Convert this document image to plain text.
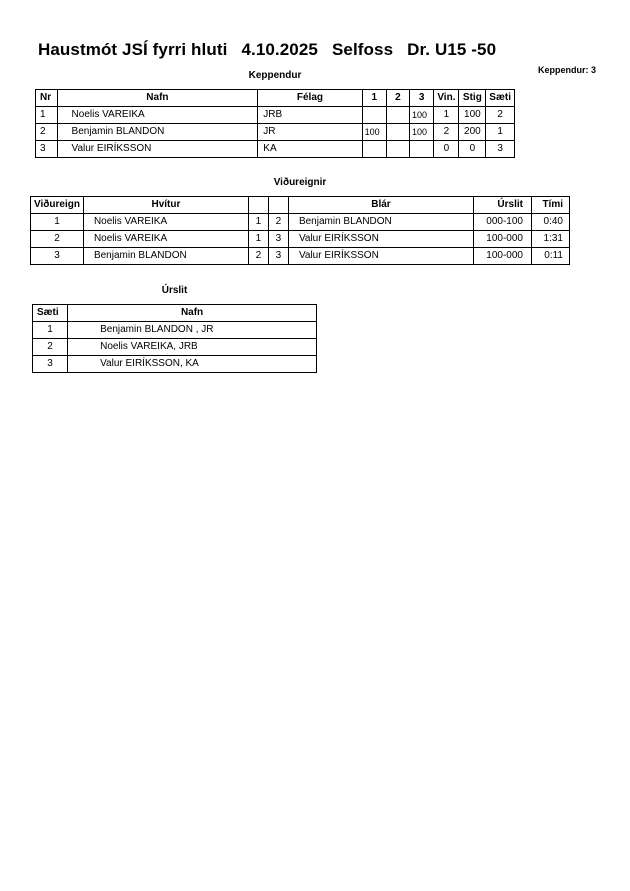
Haustmót JSÍ fyrri hluti 4.10.2025 Selfoss Dr. U15 -50
Keppendur: 3
Keppendur
Nr	Nafn	Félag	1	2	3	Vin.	Stig	Sæti
1	Noelis VAREIKA	JRB			100	1	100	2
2	Benjamin BLANDON	JR	100		100	2	200	1
3	Valur EIRÍKSSON	KA				0	0	3
Viðureignir
Viðureign	Hvítur			Blár	Úrslit	Tími
1	Noelis VAREIKA	1	2	Benjamin BLANDON	000-100	0:40
2	Noelis VAREIKA	1	3	Valur EIRÍKSSON	100-000	1:31
3	Benjamin BLANDON	2	3	Valur EIRÍKSSON	100-000	0:11
Úrslit
Sæti	Nafn
1	Benjamin BLANDON , JR
2	Noelis VAREIKA, JRB
3	Valur EIRÍKSSON, KA
